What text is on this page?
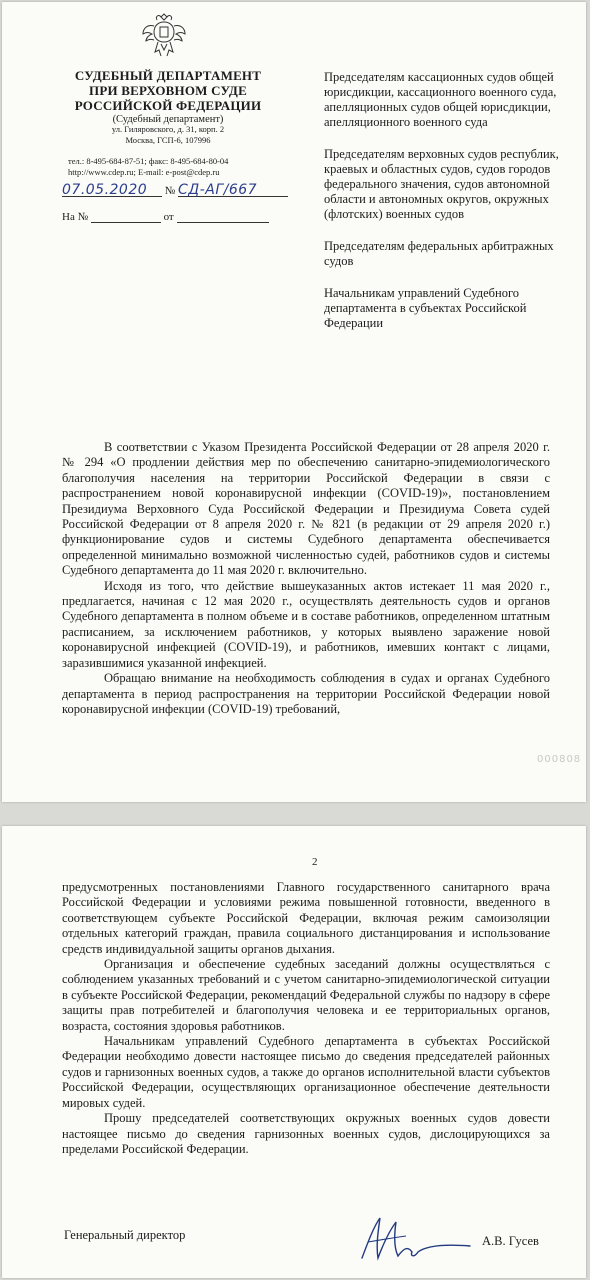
СУДЕБНЫЙ ДЕПАРТАМЕНТ
ПРИ ВЕРХОВНОМ СУДЕ
РОССИЙСКОЙ ФЕДЕРАЦИИ
(Судебный департамент)
ул. Гиляровского, д. 31, корп. 2
Москва, ГСП-6, 107996
тел.: 8-495-684-87-51; факс: 8-495-684-80-04
http://www.cdep.ru; E-mail: e-post@cdep.ru
07.05.2020 № СД-АГ/667
На №	от

Председателям кассационных судов общей юрисдикции, кассационного военного суда, апелляционных судов общей юрисдикции, апелляционного военного суда

Председателям верховных судов республик, краевых и областных судов, судов городов федерального значения, судов автономной области и автономных округов, окружных (флотских) военных судов

Председателям федеральных арбитражных судов

Начальникам управлений Судебного департамента в субъектах Российской Федерации

В соответствии с Указом Президента Российской Федерации от 28 апреля 2020 г. № 294 «О продлении действия мер по обеспечению санитарно-эпидемиологического благополучия населения на территории Российской Федерации в связи с распространением новой коронавирусной инфекции (COVID-19)», постановлением Президиума Верховного Суда Российской Федерации и Президиума Совета судей Российской Федерации от 8 апреля 2020 г. № 821 (в редакции от 29 апреля 2020 г.) функционирование судов и системы Судебного департамента обеспечивается определенной минимально возможной численностью судей, работников судов и системы Судебного департамента до 11 мая 2020 г. включительно.

Исходя из того, что действие вышеуказанных актов истекает 11 мая 2020 г., предлагается, начиная с 12 мая 2020 г., осуществлять деятельность судов и органов Судебного департамента в полном объеме и в составе работников, определенном штатным расписанием, за исключением работников, у которых выявлено заражение новой коронавирусной инфекцией (COVID-19), и работников, имевших контакт с лицами, заразившимися указанной инфекцией.

Обращаю внимание на необходимость соблюдения в судах и органах Судебного департамента в период распространения на территории Российской Федерации новой коронавирусной инфекции (COVID-19) требований,

000808
2

предусмотренных постановлениями Главного государственного санитарного врача Российской Федерации и условиями режима повышенной готовности, введенного в соответствующем субъекте Российской Федерации, включая режим самоизоляции отдельных категорий граждан, правила социального дистанцирования и использование средств индивидуальной защиты органов дыхания.

Организация и обеспечение судебных заседаний должны осуществляться с соблюдением указанных требований и с учетом санитарно-эпидемиологической ситуации в субъекте Российской Федерации, рекомендаций Федеральной службы по надзору в сфере защиты прав потребителей и благополучия человека и ее территориальных органов, возраста, состояния здоровья работников.

Начальникам управлений Судебного департамента в субъектах Российской Федерации необходимо довести настоящее письмо до сведения председателей районных судов и гарнизонных военных судов, а также до органов исполнительной власти субъектов Российской Федерации, осуществляющих организационное обеспечение деятельности мировых судей.

Прошу председателей соответствующих окружных военных судов довести настоящее письмо до сведения гарнизонных военных судов, дислоцирующихся за пределами Российской Федерации.

Генеральный директор	А.В. Гусев
